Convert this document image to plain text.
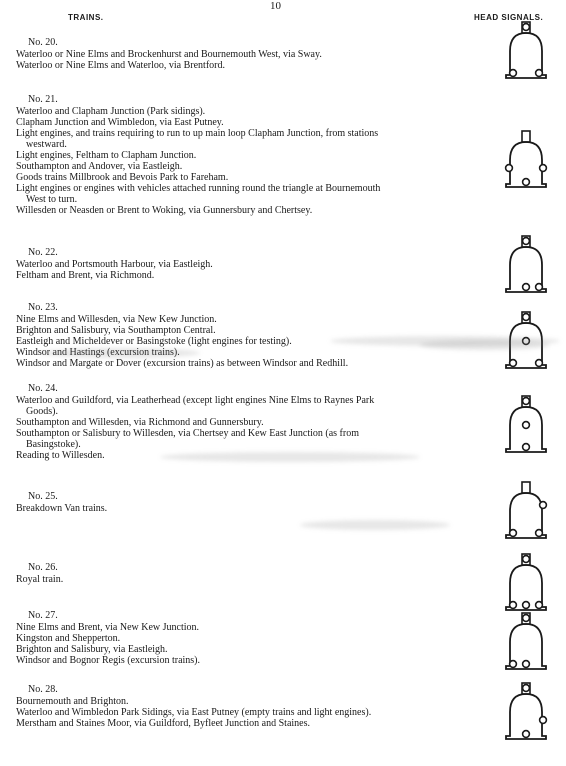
10
TRAINS.	HEAD SIGNALS.
No. 20.
Waterloo or Nine Elms and Brockenhurst and Bournemouth West, via Sway.
Waterloo or Nine Elms and Waterloo, via Brentford.
No. 21.
Waterloo and Clapham Junction (Park sidings).
Clapham Junction and Wimbledon, via East Putney.
Light engines, and trains requiring to run to up main loop Clapham Junction, from stations
westward.
Light engines, Feltham to Clapham Junction.
Southampton and Andover, via Eastleigh.
Goods trains Millbrook and Bevois Park to Fareham.
Light engines or engines with vehicles attached running round the triangle at Bournemouth
West to turn.
Willesden or Neasden or Brent to Woking, via Gunnersbury and Chertsey.
No. 22.
Waterloo and Portsmouth Harbour, via Eastleigh.
Feltham and Brent, via Richmond.
No. 23.
Nine Elms and Willesden, via New Kew Junction.
Brighton and Salisbury, via Southampton Central.
Eastleigh and Micheldever or Basingstoke (light engines for testing).
Windsor and Hastings (excursion trains).
Windsor and Margate or Dover (excursion trains) as between Windsor and Redhill.
No. 24.
Waterloo and Guildford, via Leatherhead (except light engines Nine Elms to Raynes Park
Goods).
Southampton and Willesden, via Richmond and Gunnersbury.
Southampton or Salisbury to Willesden, via Chertsey and Kew East Junction (as from
Basingstoke).
Reading to Willesden.
No. 25.
Breakdown Van trains.
No. 26.
Royal train.
No. 27.
Nine Elms and Brent, via New Kew Junction.
Kingston and Shepperton.
Brighton and Salisbury, via Eastleigh.
Windsor and Bognor Regis (excursion trains).
No. 28.
Bournemouth and Brighton.
Waterloo and Wimbledon Park Sidings, via East Putney (empty trains and light engines).
Merstham and Staines Moor, via Guildford, Byfleet Junction and Staines.
